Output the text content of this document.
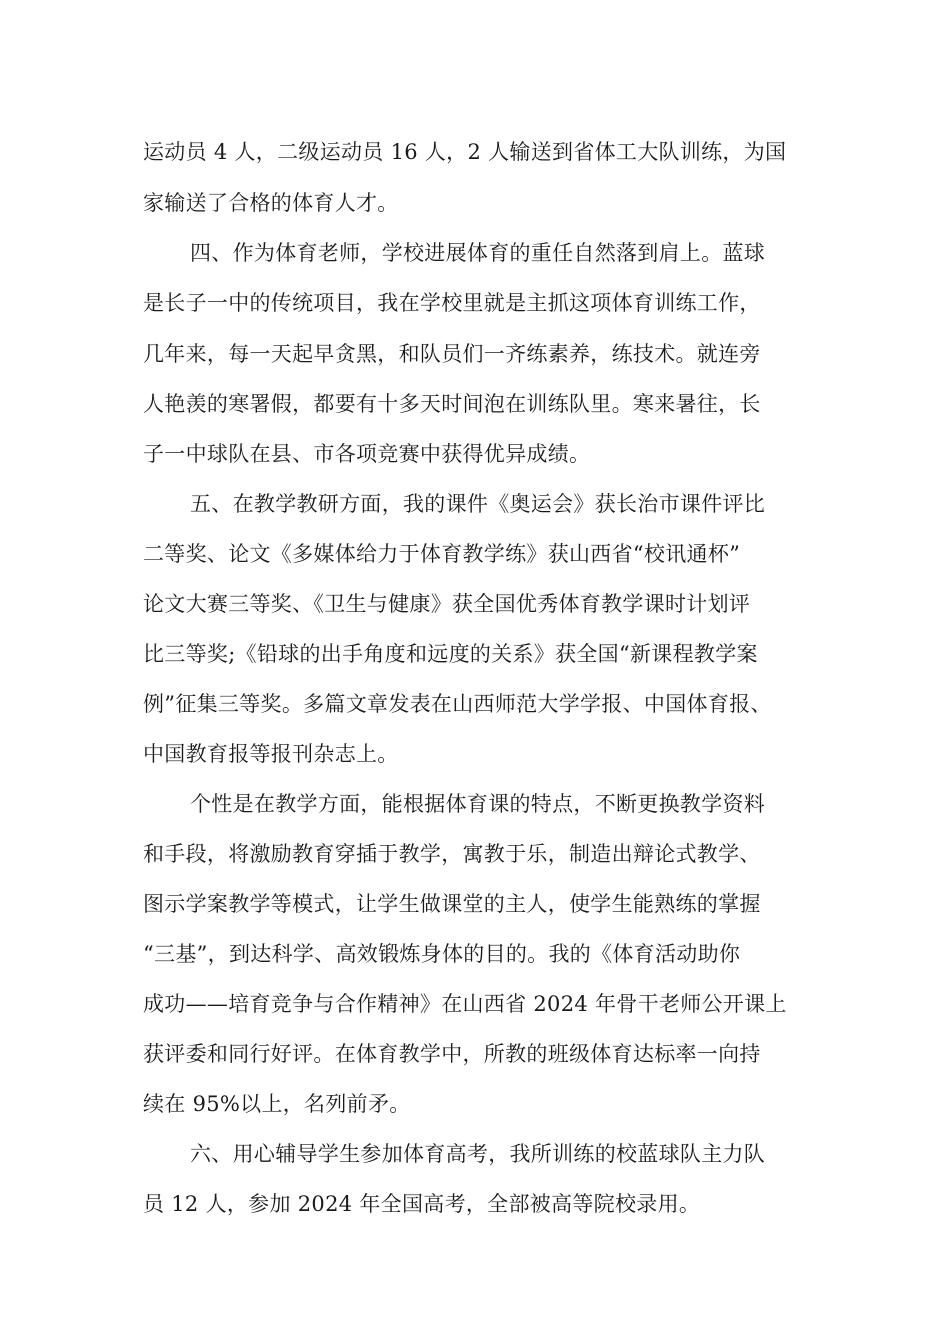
运动员 4 人，二级运动员 16 人，2 人输送到省体工大队训练，为国
家输送了合格的体育人才。
四、作为体育老师，学校进展体育的重任自然落到肩上。蓝球
是长子一中的传统项目，我在学校里就是主抓这项体育训练工作，
几年来，每一天起早贪黑，和队员们一齐练素养，练技术。就连旁
人艳羡的寒署假，都要有十多天时间泡在训练队里。寒来暑往，长
子一中球队在县、市各项竞赛中获得优异成绩。
五、在教学教研方面，我的课件《奥运会》获长治市课件评比
二等奖、论文《多媒体给力于体育教学练》获山西省“校讯通杯”
论文大赛三等奖、《卫生与健康》获全国优秀体育教学课时计划评
比三等奖;《铅球的出手角度和远度的关系》获全国“新课程教学案
例”征集三等奖。多篇文章发表在山西师范大学学报、中国体育报、
中国教育报等报刊杂志上。
个性是在教学方面，能根据体育课的特点，不断更换教学资料
和手段，将激励教育穿插于教学，寓教于乐，制造出辩论式教学、
图示学案教学等模式，让学生做课堂的主人，使学生能熟练的掌握
“三基”，到达科学、高效锻炼身体的目的。我的《体育活动助你
成功——培育竞争与合作精神》在山西省 2024 年骨干老师公开课上
获评委和同行好评。在体育教学中，所教的班级体育达标率一向持
续在 95%以上，名列前矛。
六、用心辅导学生参加体育高考，我所训练的校蓝球队主力队
员 12 人，参加 2024 年全国高考，全部被高等院校录用。
